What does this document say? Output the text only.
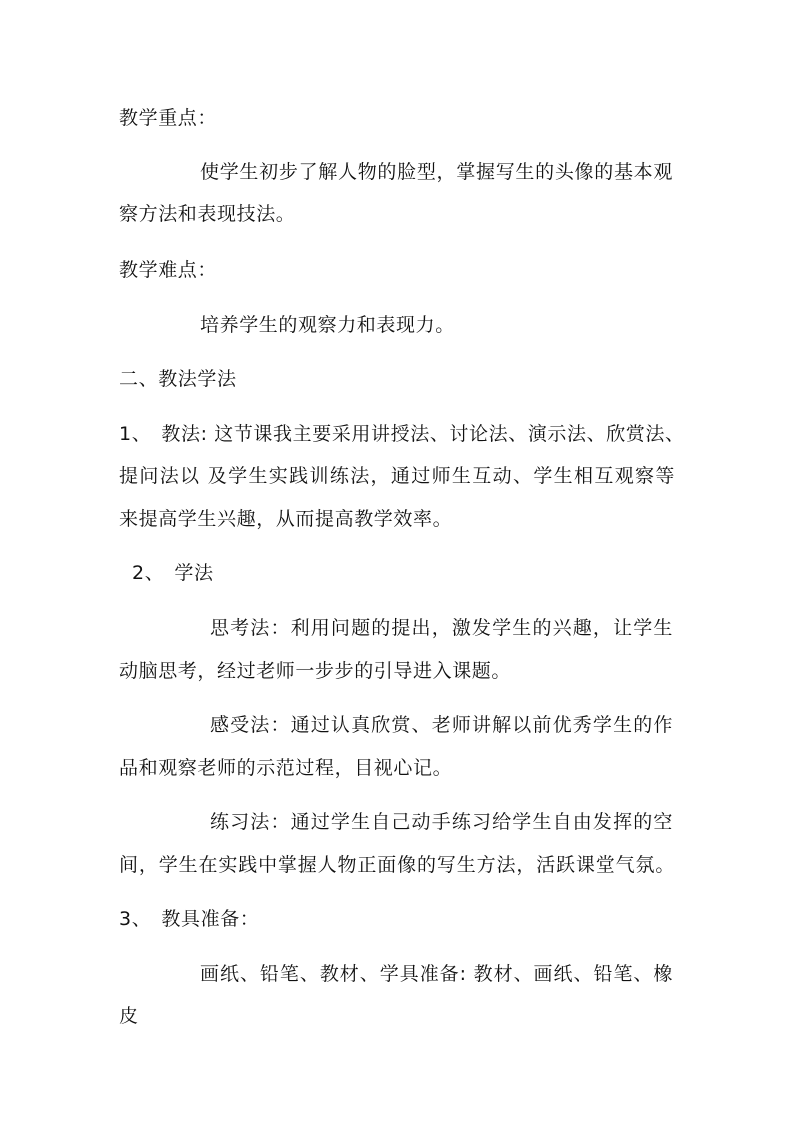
教学重点：
使学生初步了解人物的脸型，掌握写生的头像的基本观
察方法和表现技法。
教学难点：
培养学生的观察力和表现力。
二、教法学法
1、　教法: 这节课我主要采用讲授法、讨论法、演示法、欣赏法、
提问法以 及学生实践训练法，通过师生互动、学生相互观察等
来提高学生兴趣，从而提高教学效率。
2、　学法
思考法：利用问题的提出，激发学生的兴趣，让学生
动脑思考，经过老师一步步的引导进入课题。
感受法：通过认真欣赏、老师讲解以前优秀学生的作
品和观察老师的示范过程，目视心记。
练习法：通过学生自己动手练习给学生自由发挥的空
间，学生在实践中掌握人物正面像的写生方法，活跃课堂气氛。
3、　教具准备：
画纸、铅笔、教材、学具准备: 教材、画纸、铅笔、橡
皮
